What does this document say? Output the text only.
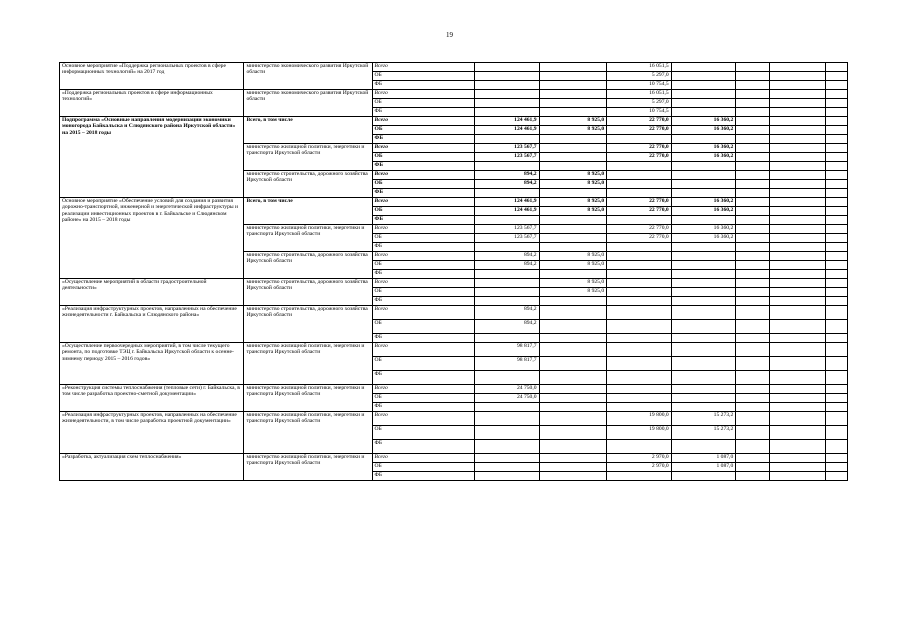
19
Основное мероприятие «Поддержка региональных проектов в сфере информационных технологий» на 2017 год	министерство экономического развития Иркутской области	Всего			16 051,5				
		ОБ			5 297,0				
		ФБ			10 754,5				
«Поддержка региональных проектов в сфере информационных технологий»	министерство экономического развития Иркутской области	Всего			16 051,5				
		ОБ			5 297,0				
		ФБ			10 754,5				
Подпрограмма «Основные направления модернизации экономики моногорода Байкальска и Слюдянского района Иркутской области» на 2015 – 2018 годы	Всего, в том числе	Всего	124 461,9	8 925,0	22 770,0	16 360,2			
		ОБ	124 461,9	8 925,0	22 770,0	16 360,2			
		ФБ							
	министерство жилищной политики, энергетики и транспорта Иркутской области	Всего	123 567,7		22 770,0	16 360,2			
		ОБ	123 567,7		22 770,0	16 360,2			
		ФБ							
	министерство строительства, дорожного хозяйства Иркутской области	Всего	894,2	8 925,0					
		ОБ	894,2	8 925,0					
		ФБ							
Основное мероприятие «Обеспечение условий для создания и развития дорожно-транспортной, инженерной и энергетической инфраструктуры и реализации инвестиционных проектов в г. Байкальске и Слюдянском районе» на 2015 – 2018 годы	Всего, в том числе	Всего	124 461,9	8 925,0	22 770,0	16 360,2			
		ОБ	124 461,9	8 925,0	22 770,0	16 360,2			
		ФБ							
	министерство жилищной политики, энергетики и транспорта Иркутской области	Всего	123 567,7		22 770,0	16 360,2			
		ОБ	123 567,7		22 770,0	16 360,2			
		ФБ							
	министерство строительства, дорожного хозяйства Иркутской области	Всего	894,2	8 925,0					
		ОБ	894,2	8 925,0					
		ФБ							
«Осуществление мероприятий в области градостроительной деятельности»	министерство строительства, дорожного хозяйства Иркутской области	Всего		8 925,0					
		ОБ		8 925,0					
		ФБ							
«Реализация инфраструктурных проектов, направленных на обеспечение жизнедеятельности г. Байкальска и Слюдянского района»	министерство строительства, дорожного хозяйства Иркутской области	Всего	894,2						
		ОБ	894,2						
		ФБ							
«Осуществление первоочередных мероприятий, в том числе текущего ремонта, по подготовке ТЭЦ г. Байкальска Иркутской области к осенне-зимнему периоду 2015 – 2016 годов»	министерство жилищной политики, энергетики и транспорта Иркутской области	Всего	98 817,7						
		ОБ	98 817,7						
		ФБ							
«Реконструкция системы теплоснабжения (тепловые сети) г. Байкальска, в том числе разработка проектно-сметной документации»	министерство жилищной политики, энергетики и транспорта Иркутской области	Всего	24 750,0						
		ОБ	24 750,0						
		ФБ							
«Реализация инфраструктурных проектов, направленных на обеспечение жизнедеятельности, в том числе разработка проектной документации»	министерство жилищной политики, энергетики и транспорта Иркутской области	Всего			19 800,0	15 273,2			
		ОБ			19 800,0	15 273,2			
		ФБ							
«Разработка, актуализация схем теплоснабжения»	министерство жилищной политики, энергетики и транспорта Иркутской области	Всего			2 970,0	1 087,0			
		ОБ			2 970,0	1 087,0			
		ФБ							
